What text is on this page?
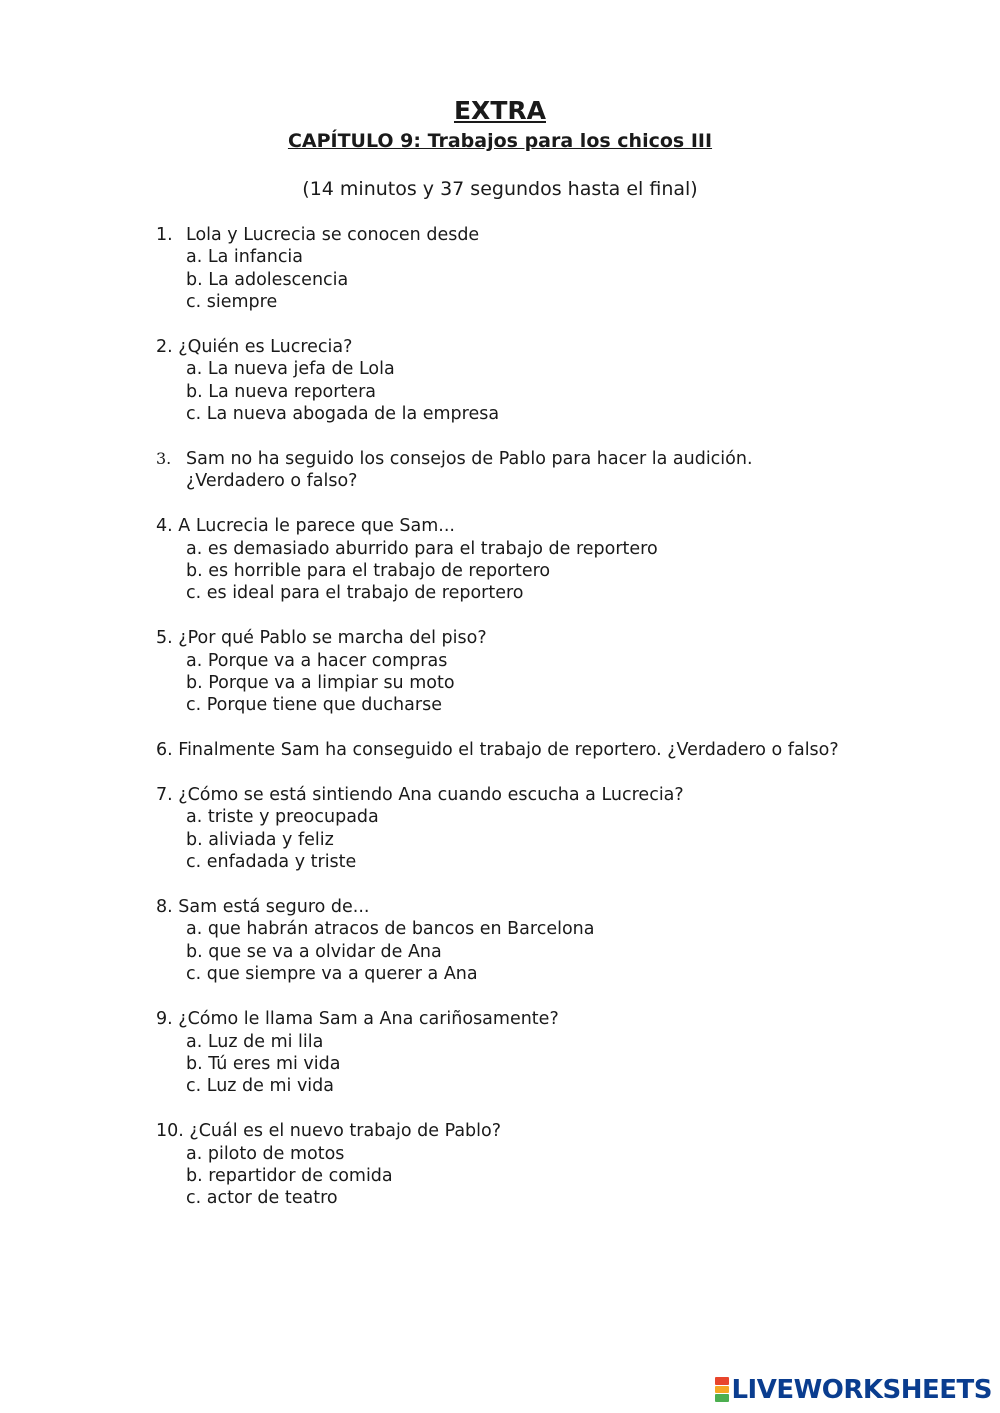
EXTRA
CAPÍTULO 9: Trabajos para los chicos III
(14 minutos y 37 segundos hasta el final)
1. Lola y Lucrecia se conocen desde
a. La infancia
b. La adolescencia
c. siempre
2. ¿Quién es Lucrecia?
a. La nueva jefa de Lola
b. La nueva reportera
c. La nueva abogada de la empresa
3. Sam no ha seguido los consejos de Pablo para hacer la audición.
¿Verdadero o falso?
4. A Lucrecia le parece que Sam...
a. es demasiado aburrido para el trabajo de reportero
b. es horrible para el trabajo de reportero
c. es ideal para el trabajo de reportero
5. ¿Por qué Pablo se marcha del piso?
a. Porque va a hacer compras
b. Porque va a limpiar su moto
c. Porque tiene que ducharse
6. Finalmente Sam ha conseguido el trabajo de reportero. ¿Verdadero o falso?
7. ¿Cómo se está sintiendo Ana cuando escucha a Lucrecia?
a. triste y preocupada
b. aliviada y feliz
c. enfadada y triste
8. Sam está seguro de...
a. que habrán atracos de bancos en Barcelona
b. que se va a olvidar de Ana
c. que siempre va a querer a Ana
9. ¿Cómo le llama Sam a Ana cariñosamente?
a. Luz de mi lila
b. Tú eres mi vida
c. Luz de mi vida
10. ¿Cuál es el nuevo trabajo de Pablo?
a. piloto de motos
b. repartidor de comida
c. actor de teatro
LIVEWORKSHEETS
